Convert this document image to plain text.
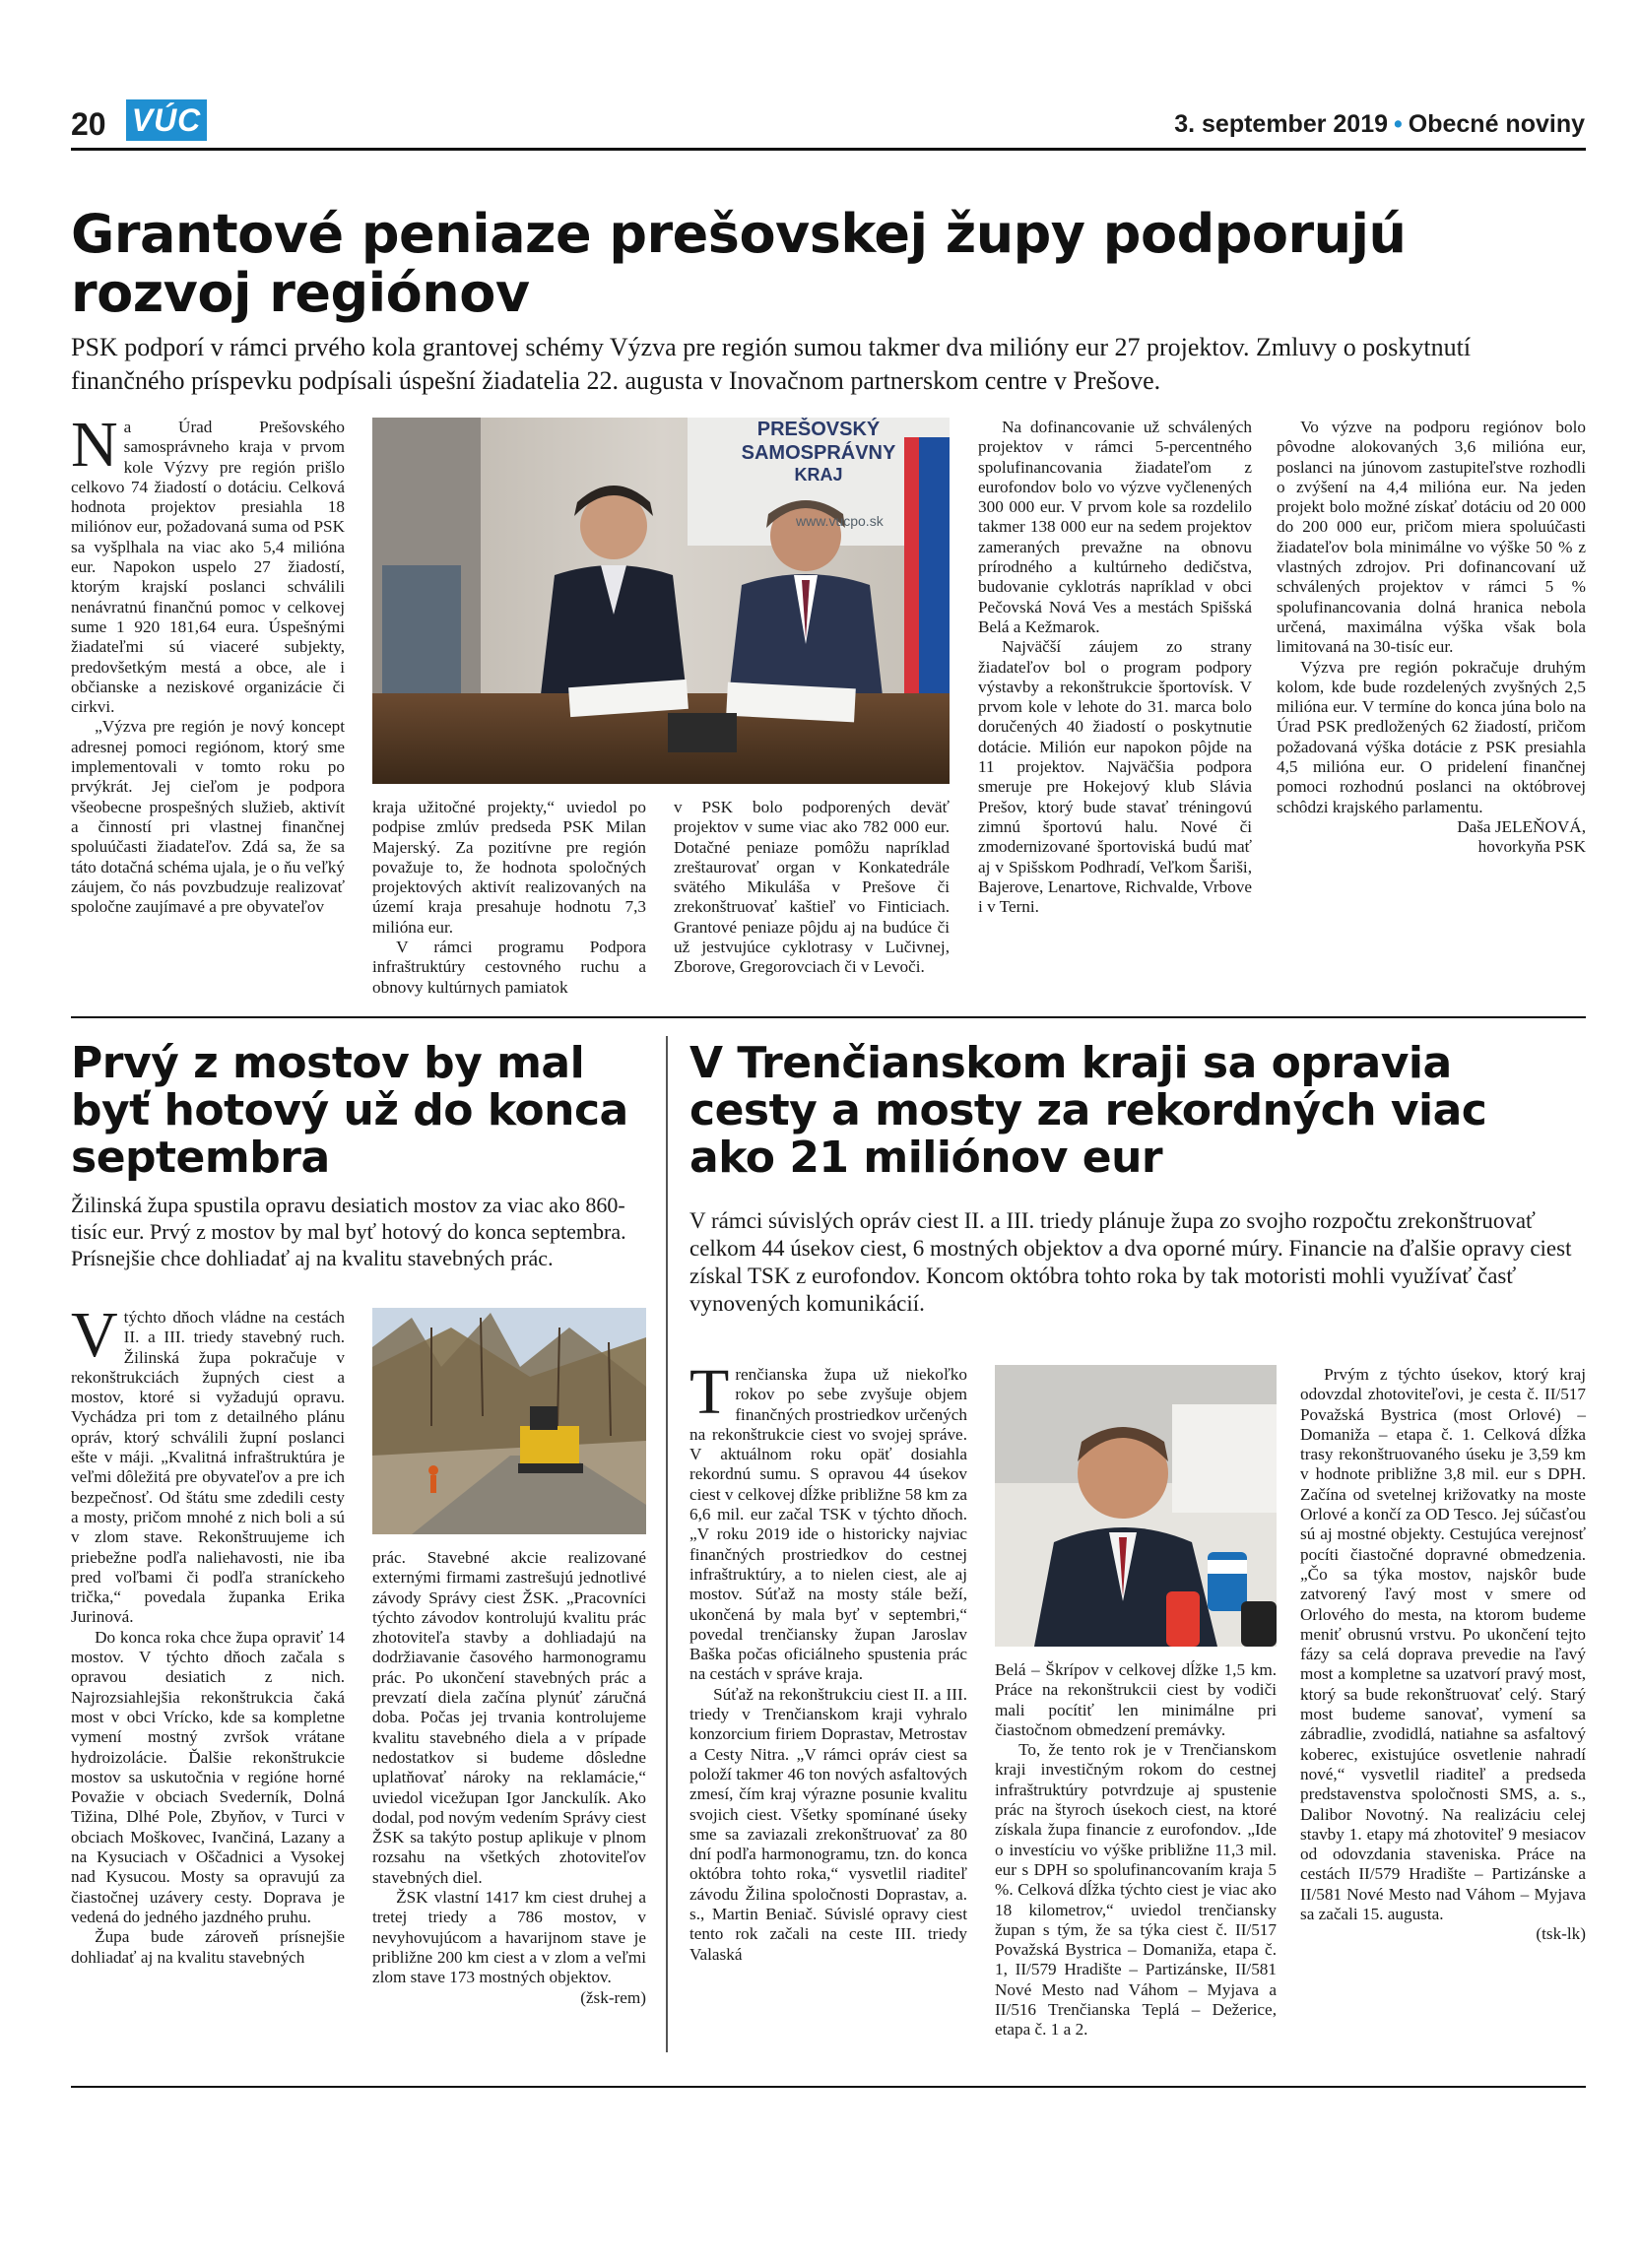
20 VÚC	3. september 2019 • Obecné noviny
Grantové peniaze prešovskej župy podporujú rozvoj regiónov
PSK podporí v rámci prvého kola grantovej schémy Výzva pre región sumou takmer dva milióny eur 27 projektov. Zmluvy o poskytnutí finančného príspevku podpísali úspešní žiadatelia 22. augusta v Inovačnom partnerskom centre v Prešove.

Na Úrad Prešovského samosprávneho kraja v prvom kole Výzvy pre región prišlo celkovo 74 žiadostí o dotáciu. Celková hodnota projektov presiahla 18 miliónov eur, požadovaná suma od PSK sa vyšplhala na viac ako 5,4 milióna eur. Napokon uspelo 27 žiadostí, ktorým krajskí poslanci schválili nenávratnú finančnú pomoc v celkovej sume 1 920 181,64 eura. Úspešnými žiadateľmi sú viaceré subjekty, predovšetkým mestá a obce, ale i občianske a neziskové organizácie či cirkvi.

„Výzva pre región je nový koncept adresnej pomoci regiónom, ktorý sme implementovali v tomto roku po prvýkrát. Jej cieľom je podpora všeobecne prospešných služieb, aktivít a činností pri vlastnej finančnej spoluúčasti žiadateľov. Zdá sa, že sa táto dotačná schéma ujala, je o ňu veľký záujem, čo nás povzbudzuje realizovať spoločne zaujímavé a pre obyvateľov

PREŠOVSKÝ
SAMOSPRÁVNY
KRAJ
www.vucpo.sk

kraja užitočné projekty,“ uviedol po podpise zmlúv predseda PSK Milan Majerský. Za pozitívne pre región považuje to, že hodnota spoločných projektových aktivít realizovaných na území kraja presahuje hodnotu 7,3 milióna eur.

V rámci programu Podpora infraštruktúry cestovného ruchu a obnovy kultúrnych pamiatok

v PSK bolo podporených deväť projektov v sume viac ako 782 000 eur. Dotačné peniaze pomôžu napríklad zreštaurovať organ v Konkatedrále svätého Mikuláša v Prešove či zrekonštruovať kaštieľ vo Finticiach. Grantové peniaze pôjdu aj na budúce či už jestvujúce cyklotrasy v Lučivnej, Zborove, Gregorovciach či v Levoči.

Na dofinancovanie už schválených projektov v rámci 5-percentného spolufinancovania žiadateľom z eurofondov bolo vo výzve vyčlenených 300 000 eur. V prvom kole sa rozdelilo takmer 138 000 eur na sedem projektov zameraných prevažne na obnovu prírodného a kultúrneho dedičstva, budovanie cyklotrás napríklad v obci Pečovská Nová Ves a mestách Spišská Belá a Kežmarok.

Najväčší záujem zo strany žiadateľov bol o program podpory výstavby a rekonštrukcie športovísk. V prvom kole v lehote do 31. marca bolo doručených 40 žiadostí o poskytnutie dotácie. Milión eur napokon pôjde na 11 projektov. Najväčšia podpora smeruje pre Hokejový klub Slávia Prešov, ktorý bude stavať tréningovú zimnú športovú halu. Nové či zmodernizované športoviská budú mať aj v Spišskom Podhradí, Veľkom Šariši, Bajerove, Lenartove, Richvalde, Vrbove i v Terni.

Vo výzve na podporu regiónov bolo pôvodne alokovaných 3,6 milióna eur, poslanci na júnovom zastupiteľstve rozhodli o zvýšení na 4,4 milióna eur. Na jeden projekt bolo možné získať dotáciu od 20 000 do 200 000 eur, pričom miera spoluúčasti žiadateľov bola minimálne vo výške 50 % z vlastných zdrojov. Pri dofinancovaní už schválených projektov v rámci 5 % spolufinancovania dolná hranica nebola určená, maximálna výška však bola limitovaná na 30-tisíc eur.

Výzva pre región pokračuje druhým kolom, kde bude rozdelených zvyšných 2,5 milióna eur. V termíne do konca júna bolo na Úrad PSK predložených 62 žiadostí, pričom požadovaná výška dotácie z PSK presiahla 4,5 milióna eur. O pridelení finančnej pomoci rozhodnú poslanci na októbrovej schôdzi krajského parlamentu.

Daša JELEŇOVÁ,

hovorkyňa PSK

Prvý z mostov by mal byť hotový už do konca septembra
Žilinská župa spustila opravu desiatich mostov za viac ako 860-tisíc eur. Prvý z mostov by mal byť hotový do konca septembra. Prísnejšie chce dohliadať aj na kvalitu stavebných prác.

Vtýchto dňoch vládne na cestách II. a III. triedy stavebný ruch. Žilinská župa pokračuje v rekonštrukciách župných ciest a mostov, ktoré si vyžadujú opravu. Vychádza pri tom z detailného plánu opráv, ktorý schválili župní poslanci ešte v máji. „Kvalitná infraštruktúra je veľmi dôležitá pre obyvateľov a pre ich bezpečnosť. Od štátu sme zdedili cesty a mosty, pričom mnohé z nich boli a sú v zlom stave. Rekonštruujeme ich priebežne podľa naliehavosti, nie iba pred voľbami či podľa straníckeho trička,“ povedala županka Erika Jurinová.

Do konca roka chce župa opraviť 14 mostov. V týchto dňoch začala s opravou desiatich z nich. Najrozsiahlejšia rekonštrukcia čaká most v obci Vrícko, kde sa kompletne vymení mostný zvršok vrátane hydroizolácie. Ďalšie rekonštrukcie mostov sa uskutočnia v regióne horné Považie v obciach Svederník, Dolná Tižina, Dlhé Pole, Zbyňov, v Turci v obciach Moškovec, Ivančiná, Lazany a na Kysuciach v Oščadnici a Vysokej nad Kysucou. Mosty sa opravujú za čiastočnej uzávery cesty. Doprava je vedená do jedného jazdného pruhu.

Župa bude zároveň prísnejšie dohliadať aj na kvalitu stavebných

prác. Stavebné akcie realizované externými firmami zastrešujú jednotlivé závody Správy ciest ŽSK. „Pracovníci týchto závodov kontrolujú kvalitu prác zhotoviteľa stavby a dohliadajú na dodržiavanie časového harmonogramu prác. Po ukončení stavebných prác a prevzatí diela začína plynúť záručná doba. Počas jej trvania kontrolujeme kvalitu stavebného diela a v prípade nedostatkov si budeme dôsledne uplatňovať nároky na reklamácie,“ uviedol vicežupan Igor Janckulík. Ako dodal, pod novým vedením Správy ciest ŽSK sa takýto postup aplikuje v plnom rozsahu na všetkých zhotoviteľov stavebných diel.

ŽSK vlastní 1417 km ciest druhej a tretej triedy a 786 mostov, v nevyhovujúcom a havarijnom stave je približne 200 km ciest a v zlom a veľmi zlom stave 173 mostných objektov.

(žsk-rem)

V Trenčianskom kraji sa opravia cesty a mosty za rekordných viac ako 21 miliónov eur
V rámci súvislých opráv ciest II. a III. triedy plánuje župa zo svojho rozpočtu zrekonštruovať celkom 44 úsekov ciest, 6 mostných objektov a dva oporné múry. Financie na ďalšie opravy ciest získal TSK z eurofondov. Koncom októbra tohto roka by tak motoristi mohli využívať časť vynovených komunikácií.

Trenčianska župa už niekoľko rokov po sebe zvyšuje objem finančných prostriedkov určených na rekonštrukcie ciest vo svojej správe. V aktuálnom roku opäť dosiahla rekordnú sumu. S opravou 44 úsekov ciest v celkovej dĺžke približne 58 km za 6,6 mil. eur začal TSK v týchto dňoch. „V roku 2019 ide o historicky najviac finančných prostriedkov do cestnej infraštruktúry, a to nielen ciest, ale aj mostov. Súťaž na mosty stále beží, ukončená by mala byť v septembri,“ povedal trenčiansky župan Jaroslav Baška počas oficiálneho spustenia prác na cestách v správe kraja.

Súťaž na rekonštrukciu ciest II. a III. triedy v Trenčianskom kraji vyhralo konzorcium firiem Doprastav, Metrostav a Cesty Nitra. „V rámci opráv ciest sa položí takmer 46 ton nových asfaltových zmesí, čím kraj výrazne posunie kvalitu svojich ciest. Všetky spomínané úseky sme sa zaviazali zrekonštruovať za 80 dní podľa harmonogramu, tzn. do konca októbra tohto roka,“ vysvetlil riaditeľ závodu Žilina spoločnosti Doprastav, a. s., Martin Beniač. Súvislé opravy ciest tento rok začali na ceste III. triedy Valaská

Belá – Škrípov v celkovej dĺžke 1,5 km. Práce na rekonštrukcii ciest by vodiči mali pocítiť len minimálne pri čiastočnom obmedzení premávky.

To, že tento rok je v Trenčianskom kraji investičným rokom do cestnej infraštruktúry potvrdzuje aj spustenie prác na štyroch úsekoch ciest, na ktoré získala župa financie z eurofondov. „Ide o investíciu vo výške približne 11,3 mil. eur s DPH so spolufinancovaním kraja 5 %. Celková dĺžka týchto ciest je viac ako 18 kilometrov,“ uviedol trenčiansky župan s tým, že sa týka ciest č. II/517 Považská Bystrica – Domaniža, etapa č. 1, II/579 Hradište – Partizánske, II/581 Nové Mesto nad Váhom – Myjava a II/516 Trenčianska Teplá – Dežerice, etapa č. 1 a 2.

Prvým z týchto úsekov, ktorý kraj odovzdal zhotoviteľovi, je cesta č. II/517 Považská Bystrica (most Orlové) – Domaniža – etapa č. 1. Celková dĺžka trasy rekonštruovaného úseku je 3,59 km v hodnote približne 3,8 mil. eur s DPH. Začína od svetelnej križovatky na moste Orlové a končí za OD Tesco. Jej súčasťou sú aj mostné objekty. Cestujúca verejnosť pocíti čiastočné dopravné obmedzenia. „Čo sa týka mostov, najskôr bude zatvorený ľavý most v smere od Orlového do mesta, na ktorom budeme meniť obrusnú vrstvu. Po ukončení tejto fázy sa celá doprava prevedie na ľavý most a kompletne sa uzatvorí pravý most, ktorý sa bude rekonštruovať celý. Starý most budeme sanovať, vymení sa zábradlie, zvodidlá, natiahne sa asfaltový koberec, existujúce osvetlenie nahradí nové,“ vysvetlil riaditeľ a predseda predstavenstva spoločnosti SMS, a. s., Dalibor Novotný. Na realizáciu celej stavby 1. etapy má zhotoviteľ 9 mesiacov od odovzdania staveniska. Práce na cestách II/579 Hradište – Partizánske a II/581 Nové Mesto nad Váhom – Myjava sa začali 15. augusta.

(tsk-lk)
